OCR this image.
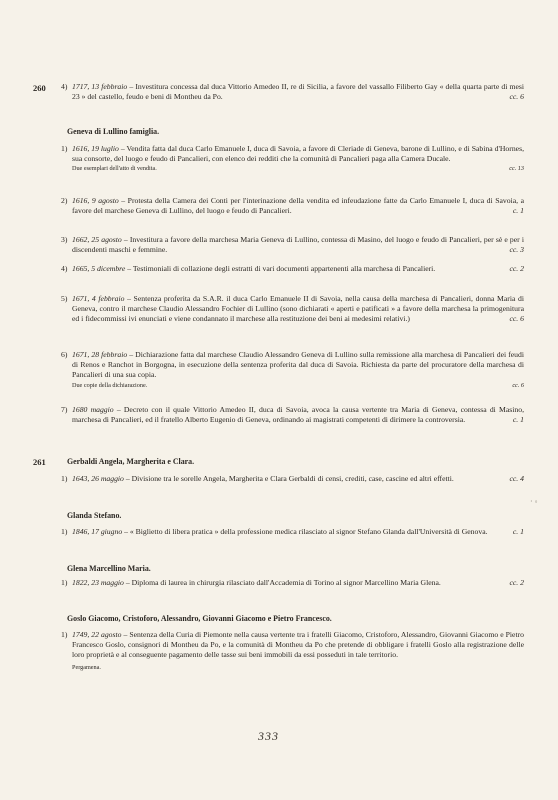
260 4) 1717, 13 febbraio – Investitura concessa dal duca Vittorio Amedeo II, re di Sicilia, a favore del vassallo Filiberto Gay « della quarta parte di mesi 23 » del castello, feudo e beni di Montheu da Po.	cc. 6
Geneva di Lullino famiglia.
1) 1616, 19 luglio – Vendita fatta dal duca Carlo Emanuele I, duca di Savoia, a favore di Cleriade di Geneva, barone di Lullino, e di Sabina d'Hornes, sua consorte, del luogo e feudo di Pancalieri, con elenco dei redditi che la comunità di Pancalieri paga alla Camera Ducale.
Due esemplari dell'atto di vendita.	cc. 13
2) 1616, 9 agosto – Protesta della Camera dei Conti per l'interinazione della vendita ed infeudazione fatte da Carlo Emanuele I, duca di Savoia, a favore del marchese Geneva di Lullino, del luogo e feudo di Pancalieri.	c. 1
3) 1662, 25 agosto – Investitura a favore della marchesa Maria Geneva di Lullino, contessa di Masino, del luogo e feudo di Pancalieri, per sè e per i discendenti maschi e femmine.	cc. 3
4) 1665, 5 dicembre – Testimoniali di collazione degli estratti di vari documenti appartenenti alla marchesa di Pancalieri.	cc. 2
5) 1671, 4 febbraio – Sentenza proferita da S.A.R. il duca Carlo Emanuele II di Savoia, nella causa della marchesa di Pancalieri, donna Maria di Geneva, contro il marchese Claudio Alessandro Fochier di Lullino (sono dichiarati « aperti e patificati » a favore della marchesa la primogenitura ed i fidecommissi ivi enunciati e viene condannato il marchese alla restituzione dei beni ai medesimi relativi.)	cc. 6
6) 1671, 28 febbraio – Dichiarazione fatta dal marchese Claudio Alessandro Geneva di Lullino sulla remissione alla marchesa di Pancalieri dei feudi di Renos e Ranchot in Borgogna, in esecuzione della sentenza proferita dal duca di Savoia. Richiesta da parte del procuratore della marchesa di Pancalieri di una sua copia.
Due copie della dichiarazione.	cc. 6
7) 1680 maggio – Decreto con il quale Vittorio Amedeo II, duca di Savoia, avoca la causa vertente tra Maria di Geneva, contessa di Masino, marchesa di Pancalieri, ed il fratello Alberto Eugenio di Geneva, ordinando ai magistrati competenti di dirimere la controversia.	c. 1
261	Gerbaldi Angela, Margherita e Clara.
1) 1643, 26 maggio – Divisione tra le sorelle Angela, Margherita e Clara Gerbaldi di censi, crediti, case, cascine ed altri effetti.	cc. 4
· ◦
Glanda Stefano.
1) 1846, 17 giugno – « Biglietto di libera pratica » della professione medica rilasciato al signor Stefano Glanda dall'Università di Genova.	c. 1
Glena Marcellino Maria.
1) 1822, 23 maggio – Diploma di laurea in chirurgia rilasciato dall'Accademia di Torino al signor Marcellino Maria Glena.	cc. 2
Goslo Giacomo, Cristoforo, Alessandro, Giovanni Giacomo e Pietro Francesco.
1) 1749, 22 agosto – Sentenza della Curia di Piemonte nella causa vertente tra i fratelli Giacomo, Cristoforo, Alessandro, Giovanni Giacomo e Pietro Francesco Goslo, consignori di Montheu da Po, e la comunità di Montheu da Po che pretende di obbligare i fratelli Goslo alla registrazione delle loro proprietà e al conseguente pagamento delle tasse sui beni immobili da essi posseduti in tale territorio.
Pergamena.
333
